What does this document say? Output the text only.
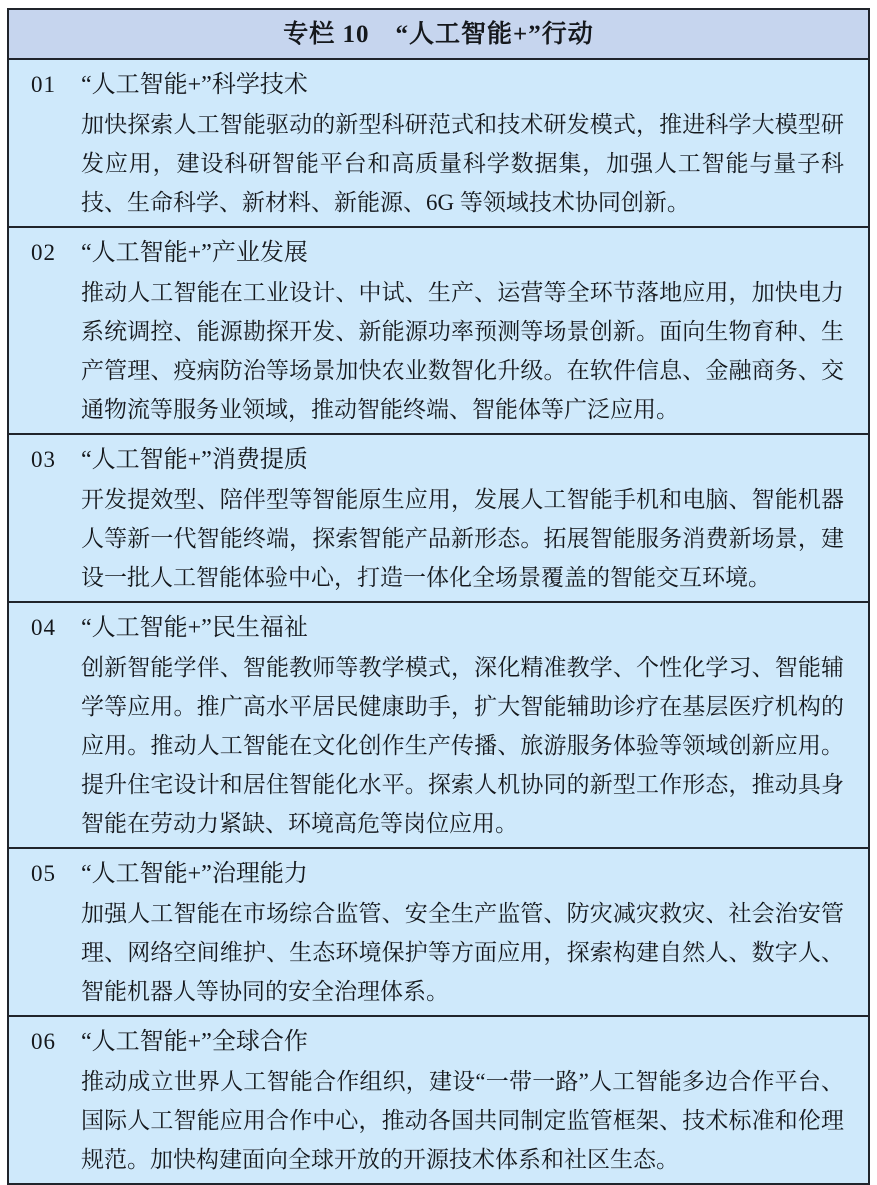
专栏 10　“人工智能+”行动
01	“人工智能+”科学技术

加快探索人工智能驱动的新型科研范式和技术研发模式，推进科学大模型研发应用，建设科研智能平台和高质量科学数据集，加强人工智能与量子科技、生命科学、新材料、新能源、6G 等领域技术协同创新。

02	“人工智能+”产业发展

推动人工智能在工业设计、中试、生产、运营等全环节落地应用，加快电力系统调控、能源勘探开发、新能源功率预测等场景创新。面向生物育种、生产管理、疫病防治等场景加快农业数智化升级。在软件信息、金融商务、交通物流等服务业领域，推动智能终端、智能体等广泛应用。

03	“人工智能+”消费提质

开发提效型、陪伴型等智能原生应用，发展人工智能手机和电脑、智能机器人等新一代智能终端，探索智能产品新形态。拓展智能服务消费新场景，建设一批人工智能体验中心，打造一体化全场景覆盖的智能交互环境。

04	“人工智能+”民生福祉

创新智能学伴、智能教师等教学模式，深化精准教学、个性化学习、智能辅学等应用。推广高水平居民健康助手，扩大智能辅助诊疗在基层医疗机构的应用。推动人工智能在文化创作生产传播、旅游服务体验等领域创新应用。提升住宅设计和居住智能化水平。探索人机协同的新型工作形态，推动具身智能在劳动力紧缺、环境高危等岗位应用。

05	“人工智能+”治理能力

加强人工智能在市场综合监管、安全生产监管、防灾减灾救灾、社会治安管理、网络空间维护、生态环境保护等方面应用，探索构建自然人、数字人、智能机器人等协同的安全治理体系。

06	“人工智能+”全球合作

推动成立世界人工智能合作组织，建设“一带一路”人工智能多边合作平台、国际人工智能应用合作中心，推动各国共同制定监管框架、技术标准和伦理规范。加快构建面向全球开放的开源技术体系和社区生态。
